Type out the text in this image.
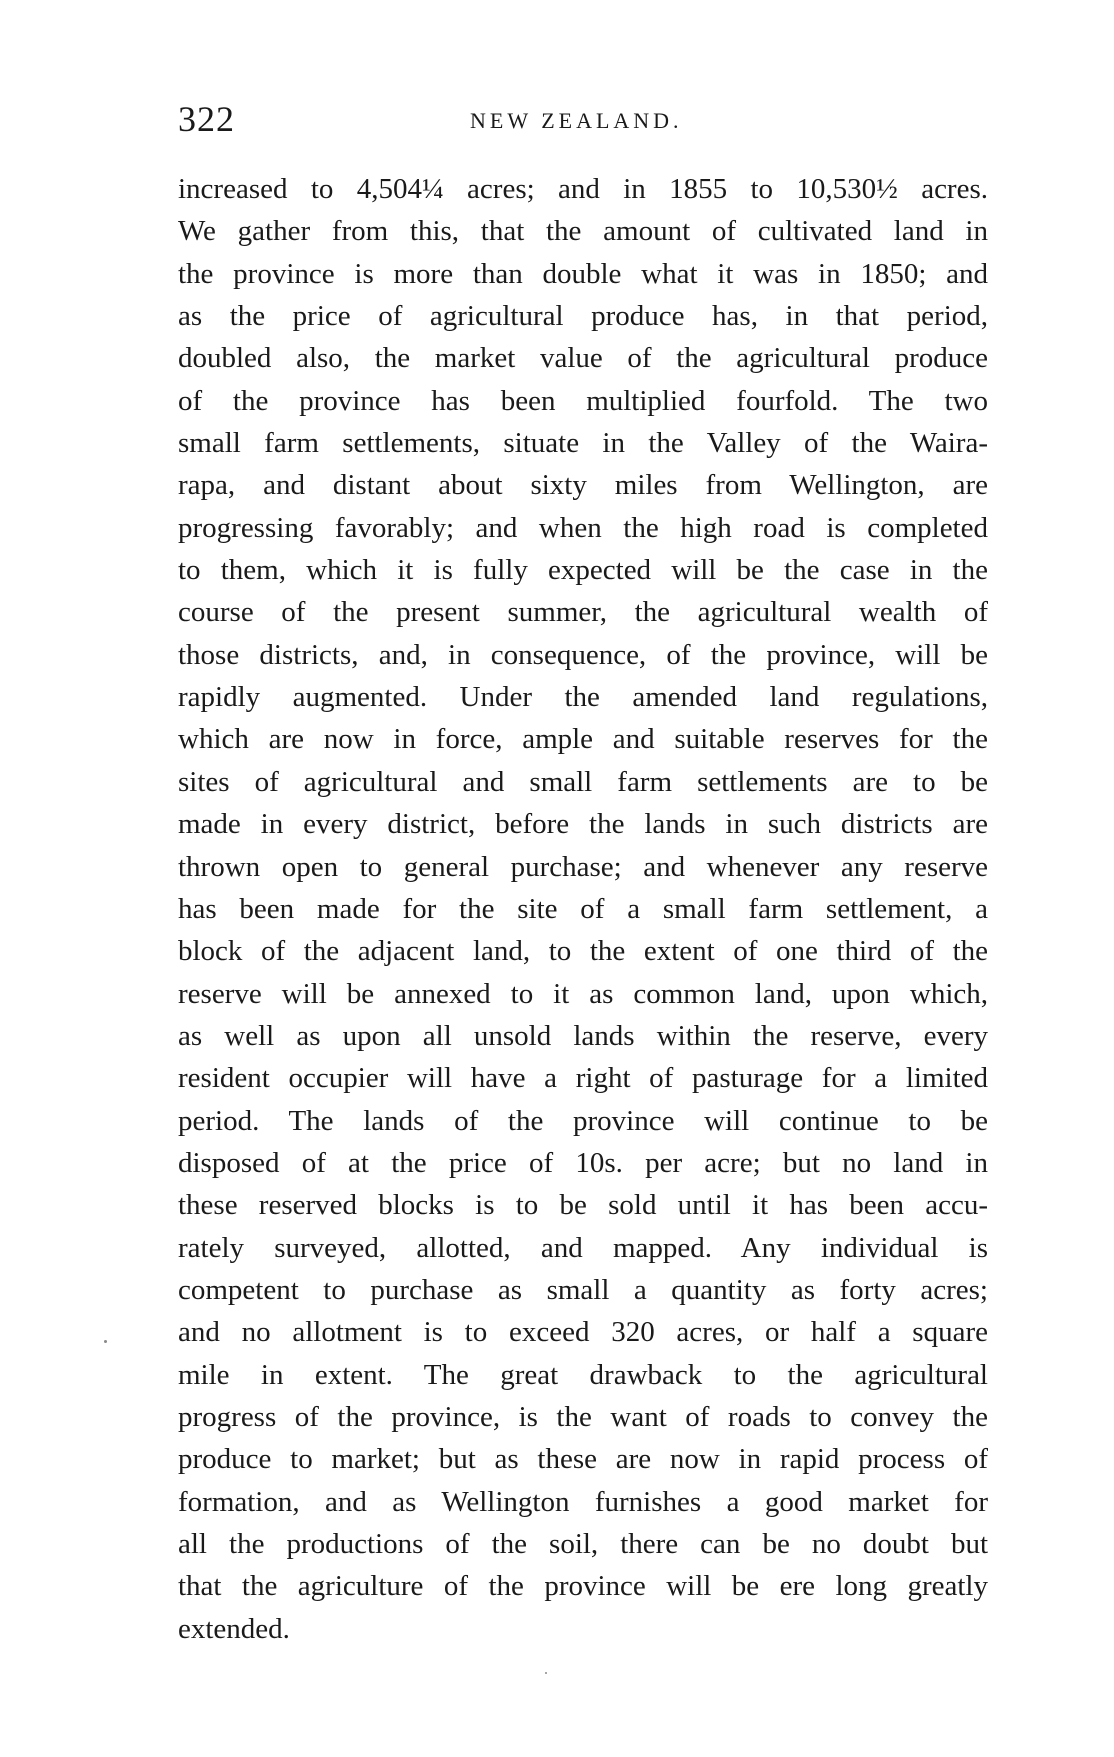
322	NEW ZEALAND.
increased to 4,504¼ acres; and in 1855 to 10,530½ acres.
We gather from this, that the amount of cultivated land in
the province is more than double what it was in 1850; and
as the price of agricultural produce has, in that period,
doubled also, the market value of the agricultural produce
of the province has been multiplied fourfold. The two
small farm settlements, situate in the Valley of the Waira-
rapa, and distant about sixty miles from Wellington, are
progressing favorably; and when the high road is completed
to them, which it is fully expected will be the case in the
course of the present summer, the agricultural wealth of
those districts, and, in consequence, of the province, will be
rapidly augmented. Under the amended land regulations,
which are now in force, ample and suitable reserves for the
sites of agricultural and small farm settlements are to be
made in every district, before the lands in such districts are
thrown open to general purchase; and whenever any reserve
has been made for the site of a small farm settlement, a
block of the adjacent land, to the extent of one third of the
reserve will be annexed to it as common land, upon which,
as well as upon all unsold lands within the reserve, every
resident occupier will have a right of pasturage for a limited
period. The lands of the province will continue to be
disposed of at the price of 10s. per acre; but no land in
these reserved blocks is to be sold until it has been accu-
rately surveyed, allotted, and mapped. Any individual is
competent to purchase as small a quantity as forty acres;
and no allotment is to exceed 320 acres, or half a square
mile in extent. The great drawback to the agricultural
progress of the province, is the want of roads to convey the
produce to market; but as these are now in rapid process of
formation, and as Wellington furnishes a good market for
all the productions of the soil, there can be no doubt but
that the agriculture of the province will be ere long greatly
extended.
